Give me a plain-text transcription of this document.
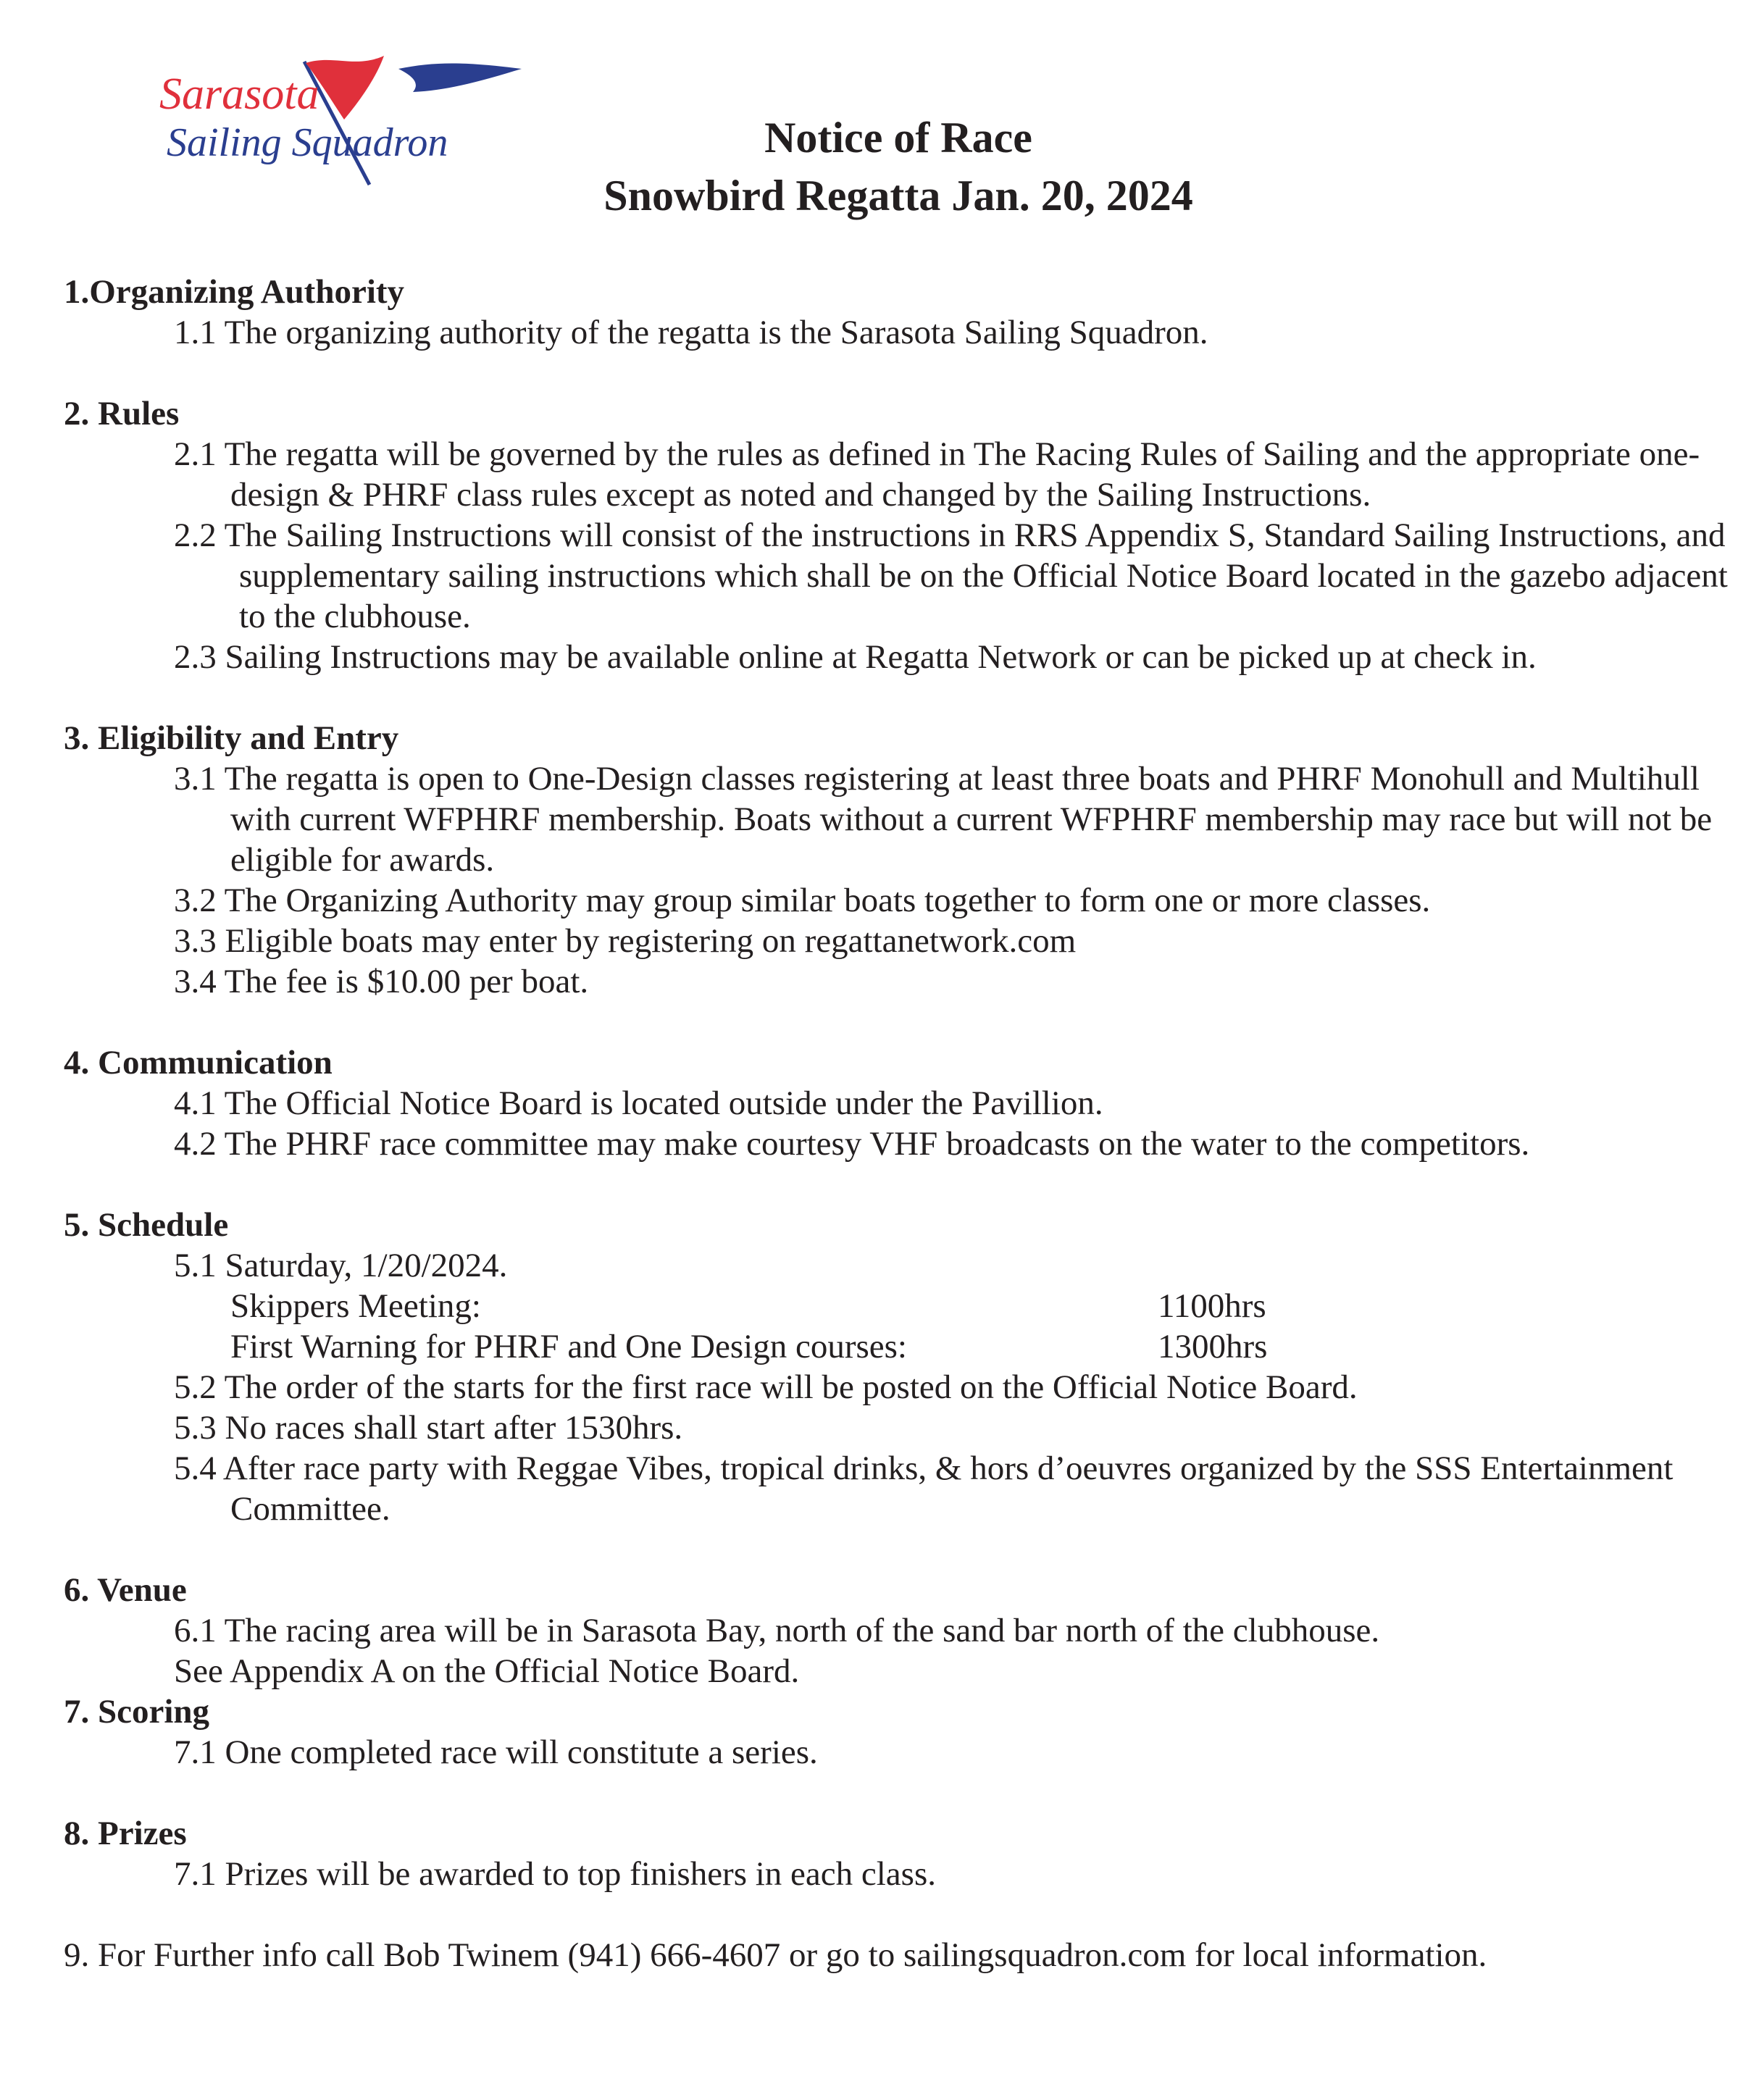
Sarasota
Sailing Squadron	Notice of Race
Snowbird Regatta Jan. 20, 2024

1.Organizing Authority

1.1 The organizing authority of the regatta is the Sarasota Sailing Squadron.

2. Rules

2.1 The regatta will be governed by the rules as defined in The Racing Rules of Sailing and the appropriate one-design & PHRF class rules except as noted and changed by the Sailing Instructions.

2.2 The Sailing Instructions will consist of the instructions in RRS Appendix S, Standard Sailing Instructions, and supplementary sailing instructions which shall be on the Official Notice Board located in the gazebo adjacent to the clubhouse.

2.3 Sailing Instructions may be available online at Regatta Network or can be picked up at check in.

3. Eligibility and Entry

3.1 The regatta is open to One-Design classes registering at least three boats and PHRF Monohull and Multihull with current WFPHRF membership. Boats without a current WFPHRF membership may race but will not be eligible for awards.

3.2 The Organizing Authority may group similar boats together to form one or more classes.

3.3 Eligible boats may enter by registering on regattanetwork.com

3.4 The fee is $10.00 per boat.

4. Communication

4.1 The Official Notice Board is located outside under the Pavillion.

4.2 The PHRF race committee may make courtesy VHF broadcasts on the water to the competitors.

5. Schedule

5.1 Saturday, 1/20/2024.

Skippers Meeting:	1100hrs
First Warning for PHRF and One Design courses:	1300hrs

5.2 The order of the starts for the first race will be posted on the Official Notice Board.

5.3 No races shall start after 1530hrs.

5.4 After race party with Reggae Vibes, tropical drinks, & hors d’oeuvres organized by the SSS Entertainment Committee.

6. Venue

6.1 The racing area will be in Sarasota Bay, north of the sand bar north of the clubhouse.

See Appendix A on the Official Notice Board.

7. Scoring

7.1 One completed race will constitute a series.

8. Prizes

7.1 Prizes will be awarded to top finishers in each class.

9. For Further info call Bob Twinem (941) 666-4607 or go to sailingsquadron.com for local information.
